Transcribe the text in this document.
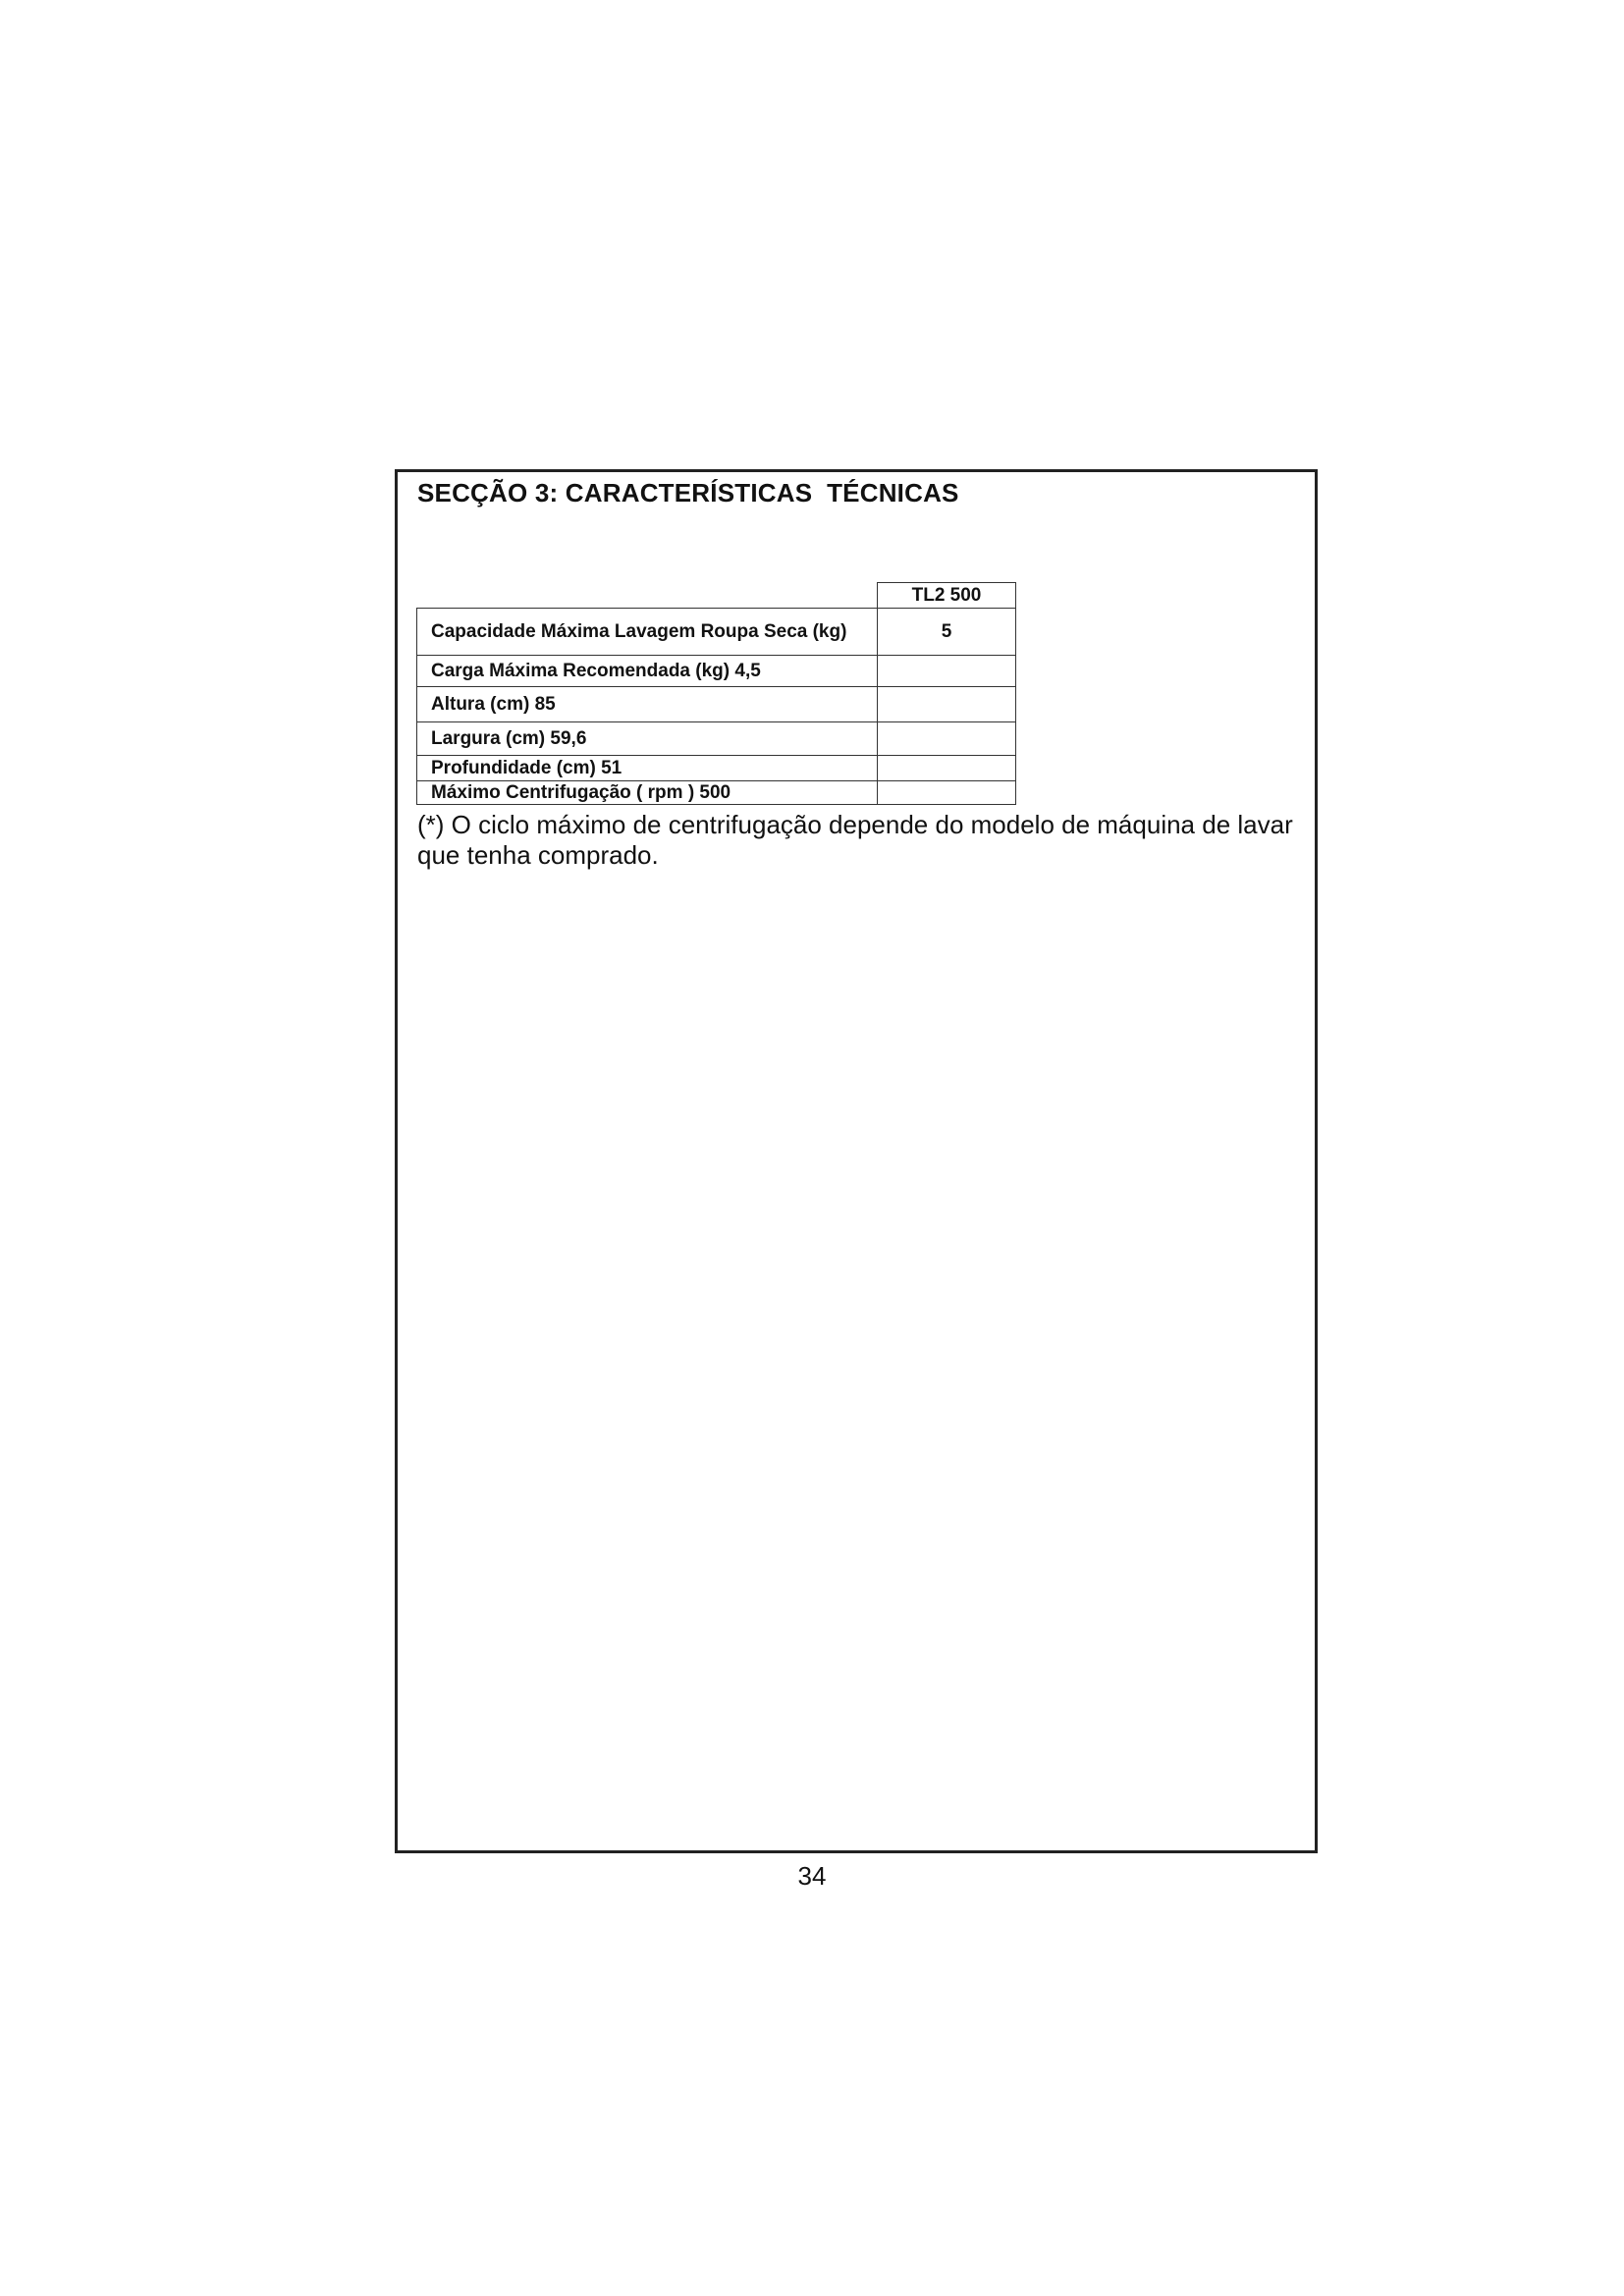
SECÇÃO 3: CARACTERÍSTICAS  TÉCNICAS
	TL2 500
Capacidade Máxima Lavagem Roupa Seca (kg)	5
Carga Máxima Recomendada (kg) 4,5	
Altura (cm) 85	
Largura (cm) 59,6	
Profundidade (cm) 51	
Máximo Centrifugação ( rpm ) 500	

(*) O ciclo máximo de centrifugação depende do modelo de máquina de lavar que tenha comprado.

34
